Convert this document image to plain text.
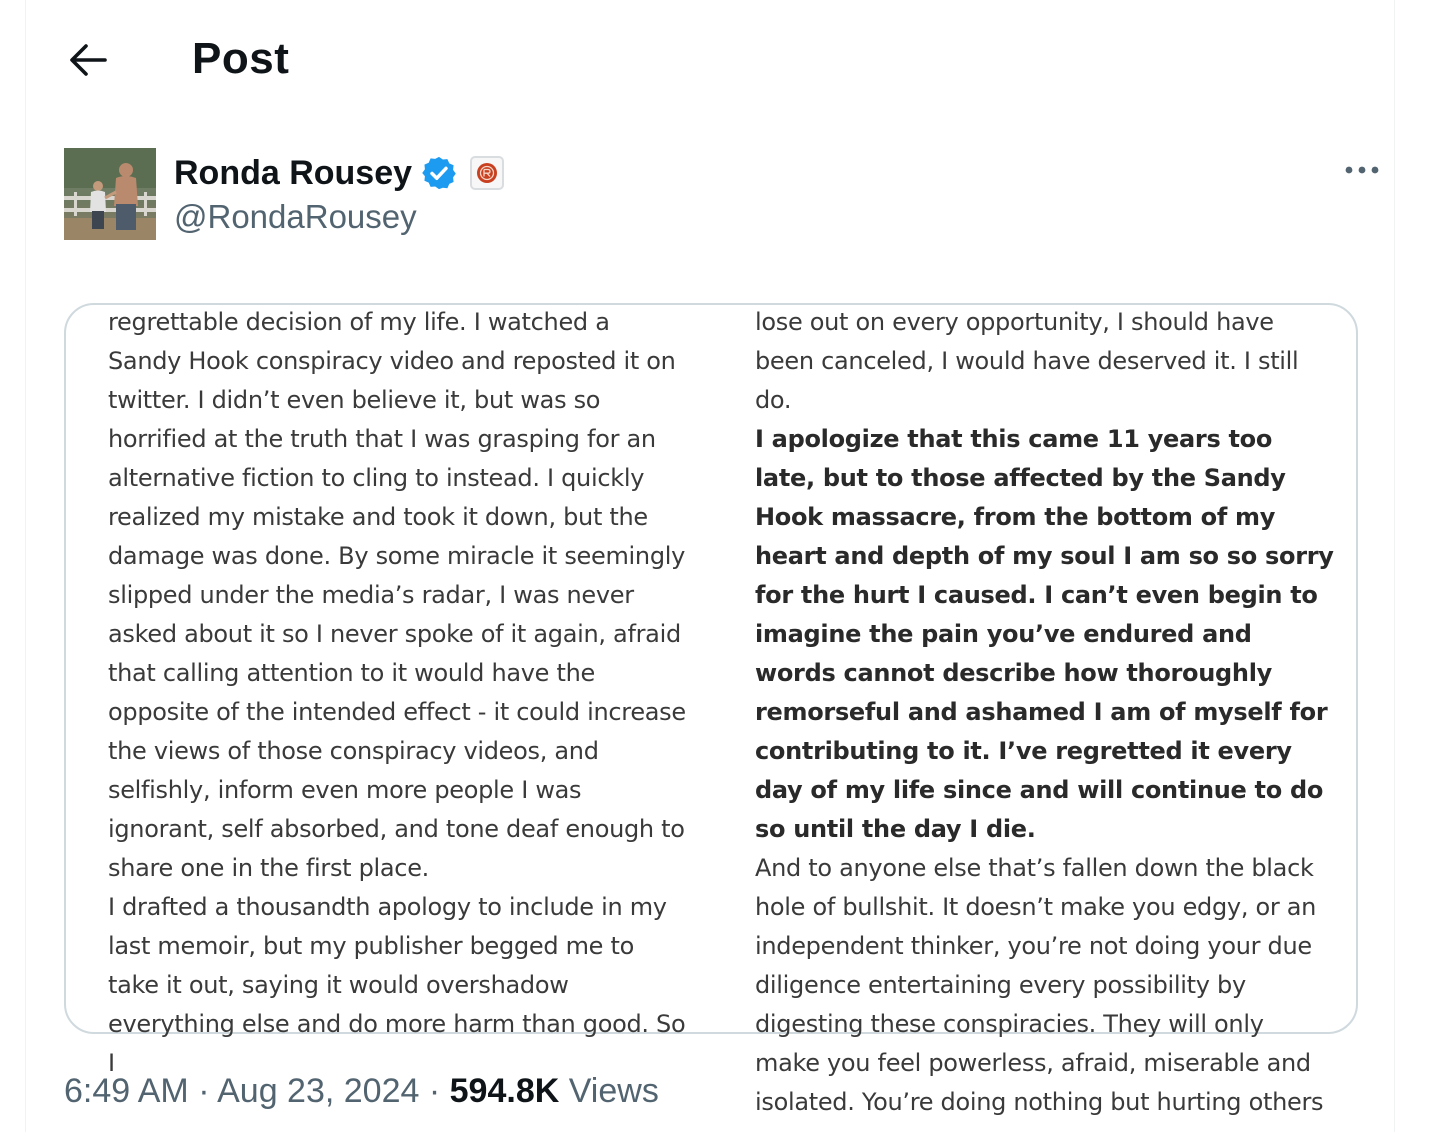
Post
Ronda Rousey
@RondaRousey

regrettable decision of my life. I watched a Sandy Hook conspiracy video and reposted it on twitter. I didn’t even believe it, but was so horrified at the truth that I was grasping for an alternative fiction to cling to instead. I quickly realized my mistake and took it down, but the damage was done. By some miracle it seemingly slipped under the media’s radar, I was never asked about it so I never spoke of it again, afraid that calling attention to it would have the opposite of the intended effect - it could increase the views of those conspiracy videos, and selfishly, inform even more people I was ignorant, self absorbed, and tone deaf enough to share one in the first place.

I drafted a thousandth apology to include in my last memoir, but my publisher begged me to take it out, saying it would overshadow everything else and do more harm than good. So I

lose out on every opportunity, I should have been canceled, I would have deserved it. I still do.

I apologize that this came 11 years too late, but to those affected by the Sandy Hook massacre, from the bottom of my heart and depth of my soul I am so so sorry for the hurt I caused. I can’t even begin to imagine the pain you’ve endured and words cannot describe how thoroughly remorseful and ashamed I am of myself for contributing to it. I’ve regretted it every day of my life since and will continue to do so until the day I die.

And to anyone else that’s fallen down the black hole of bullshit. It doesn’t make you edgy, or an independent thinker, you’re not doing your due diligence entertaining every possibility by digesting these conspiracies. They will only make you feel powerless, afraid, miserable and isolated. You’re doing nothing but hurting others

6:49 AM · Aug 23, 2024 · 594.8K Views
